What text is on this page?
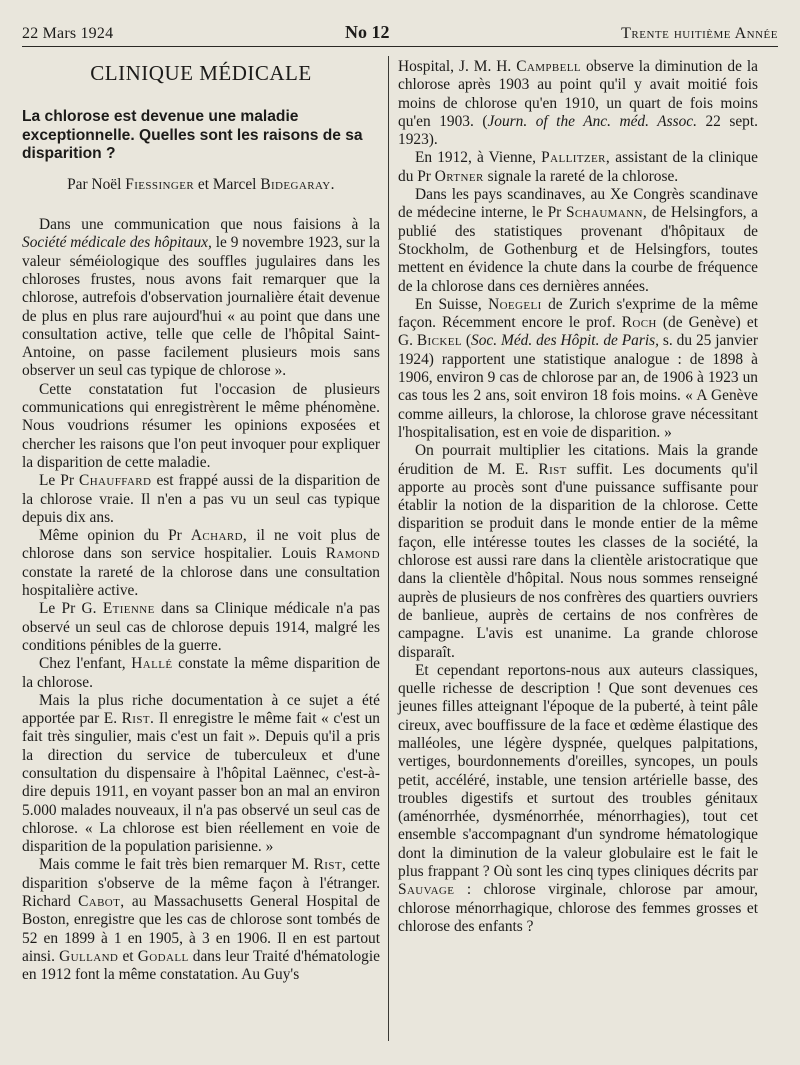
22 Mars 1924	No 12	Trente huitième Année
CLINIQUE MÉDICALE
La chlorose est devenue une maladie exceptionnelle. Quelles sont les raisons de sa disparition ?
Par Noël Fiessinger et Marcel Bidegaray.

Dans une communication que nous faisions à la Société médicale des hôpitaux, le 9 novembre 1923, sur la valeur séméiologique des souffles jugulaires dans les chloroses frustes, nous avons fait remarquer que la chlorose, autrefois d'observation journalière était devenue de plus en plus rare aujourd'hui « au point que dans une consultation active, telle que celle de l'hôpital Saint-Antoine, on passe facilement plusieurs mois sans observer un seul cas typique de chlorose ».

Cette constatation fut l'occasion de plusieurs communications qui enregistrèrent le même phénomène. Nous voudrions résumer les opinions exposées et chercher les raisons que l'on peut invoquer pour expliquer la disparition de cette maladie.

Le Pr Chauffard est frappé aussi de la disparition de la chlorose vraie. Il n'en a pas vu un seul cas typique depuis dix ans.

Même opinion du Pr Achard, il ne voit plus de chlorose dans son service hospitalier. Louis Ramond constate la rareté de la chlorose dans une consultation hospitalière active.

Le Pr G. Etienne dans sa Clinique médicale n'a pas observé un seul cas de chlorose depuis 1914, malgré les conditions pénibles de la guerre.

Chez l'enfant, Hallé constate la même disparition de la chlorose.

Mais la plus riche documentation à ce sujet a été apportée par E. Rist. Il enregistre le même fait « c'est un fait très singulier, mais c'est un fait ». Depuis qu'il a pris la direction du service de tuberculeux et d'une consultation du dispensaire à l'hôpital Laënnec, c'est-à-dire depuis 1911, en voyant passer bon an mal an environ 5.000 malades nouveaux, il n'a pas observé un seul cas de chlorose. « La chlorose est bien réellement en voie de disparition de la population parisienne. »

Mais comme le fait très bien remarquer M. Rist, cette disparition s'observe de la même façon à l'étranger. Richard Cabot, au Massachusetts General Hospital de Boston, enregistre que les cas de chlorose sont tombés de 52 en 1899 à 1 en 1905, à 3 en 1906. Il en est partout ainsi. Gulland et Godall dans leur Traité d'hématologie en 1912 font la même constatation. Au Guy's

Hospital, J. M. H. Campbell observe la diminution de la chlorose après 1903 au point qu'il y avait moitié fois moins de chlorose qu'en 1910, un quart de fois moins qu'en 1903. (Journ. of the Anc. méd. Assoc. 22 sept. 1923).

En 1912, à Vienne, Pallitzer, assistant de la clinique du Pr Ortner signale la rareté de la chlorose.

Dans les pays scandinaves, au Xe Congrès scandinave de médecine interne, le Pr Schaumann, de Helsingfors, a publié des statistiques provenant d'hôpitaux de Stockholm, de Gothenburg et de Helsingfors, toutes mettent en évidence la chute dans la courbe de fréquence de la chlorose dans ces dernières années.

En Suisse, Noegeli de Zurich s'exprime de la même façon. Récemment encore le prof. Roch (de Genève) et G. Bickel (Soc. Méd. des Hôpit. de Paris, s. du 25 janvier 1924) rapportent une statistique analogue : de 1898 à 1906, environ 9 cas de chlorose par an, de 1906 à 1923 un cas tous les 2 ans, soit environ 18 fois moins. « A Genève comme ailleurs, la chlorose, la chlorose grave nécessitant l'hospitalisation, est en voie de disparition. »

On pourrait multiplier les citations. Mais la grande érudition de M. E. Rist suffit. Les documents qu'il apporte au procès sont d'une puissance suffisante pour établir la notion de la disparition de la chlorose. Cette disparition se produit dans le monde entier de la même façon, elle intéresse toutes les classes de la société, la chlorose est aussi rare dans la clientèle aristocratique que dans la clientèle d'hôpital. Nous nous sommes renseigné auprès de plusieurs de nos confrères des quartiers ouvriers de banlieue, auprès de certains de nos confrères de campagne. L'avis est unanime. La grande chlorose disparaît.

Et cependant reportons-nous aux auteurs classiques, quelle richesse de description ! Que sont devenues ces jeunes filles atteignant l'époque de la puberté, à teint pâle cireux, avec bouffissure de la face et œdème élastique des malléoles, une légère dyspnée, quelques palpitations, vertiges, bourdonnements d'oreilles, syncopes, un pouls petit, accéléré, instable, une tension artérielle basse, des troubles digestifs et surtout des troubles génitaux (aménorrhée, dysménorrhée, ménorrhagies), tout cet ensemble s'accompagnant d'un syndrome hématologique dont la diminution de la valeur globulaire est le fait le plus frappant ? Où sont les cinq types cliniques décrits par Sauvage : chlorose virginale, chlorose par amour, chlorose ménorrhagique, chlorose des femmes grosses et chlorose des enfants ?
